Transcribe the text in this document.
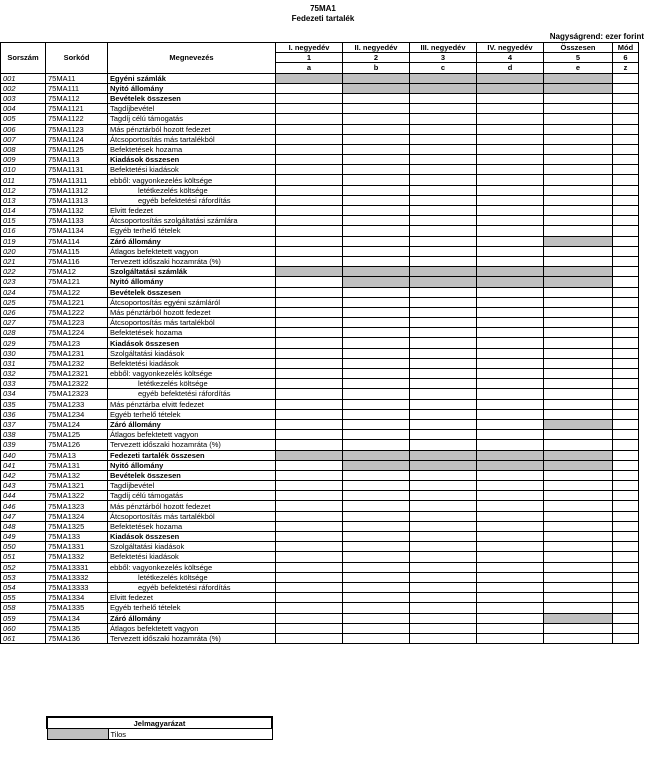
75MA1
Fedezeti tartalék
Nagyságrend: ezer forint
Sorszám	Sorkód	Megnevezés	I. negyedév	II. negyedév	III. negyedév	IV. negyedév	Összesen	Mód
			1	2	3	4	5	6
			a	b	c	d	e	z
001	75MA11	Egyéni számlák						
002	75MA111	Nyitó állomány						
003	75MA112	Bevételek összesen						
004	75MA1121	Tagdíjbevétel						
005	75MA1122	Tagdíj célú támogatás						
006	75MA1123	Más pénztárból hozott fedezet						
007	75MA1124	Átcsoportosítás más tartalékból						
008	75MA1125	Befektetések hozama						
009	75MA113	Kiadások összesen						
010	75MA1131	Befektetési kiadások						
011	75MA11311	ebből: vagyonkezelés költsége						
012	75MA11312	letétkezelés költsége						
013	75MA11313	egyéb befektetési ráfordítás						
014	75MA1132	Elvitt fedezet						
015	75MA1133	Átcsoportosítás szolgáltatási számlára						
016	75MA1134	Egyéb terhelő tételek						
019	75MA114	Záró állomány						
020	75MA115	Átlagos befektetett vagyon						
021	75MA116	Tervezett időszaki hozamráta (%)						
022	75MA12	Szolgáltatási számlák						
023	75MA121	Nyitó állomány						
024	75MA122	Bevételek összesen						
025	75MA1221	Átcsoportosítás egyéni számláról						
026	75MA1222	Más pénztárból hozott fedezet						
027	75MA1223	Átcsoportosítás más tartalékból						
028	75MA1224	Befektetések hozama						
029	75MA123	Kiadások összesen						
030	75MA1231	Szolgáltatási kiadások						
031	75MA1232	Befektetési kiadások						
032	75MA12321	ebből: vagyonkezelés költsége						
033	75MA12322	letétkezelés költsége						
034	75MA12323	egyéb befektetési ráfordítás						
035	75MA1233	Más pénztárba elvitt fedezet						
036	75MA1234	Egyéb terhelő tételek						
037	75MA124	Záró állomány						
038	75MA125	Átlagos befektetett vagyon						
039	75MA126	Tervezett időszaki hozamráta (%)						
040	75MA13	Fedezeti tartalék összesen						
041	75MA131	Nyitó állomány						
042	75MA132	Bevételek összesen						
043	75MA1321	Tagdíjbevétel						
044	75MA1322	Tagdíj célú támogatás						
046	75MA1323	Más pénztárból hozott fedezet						
047	75MA1324	Átcsoportosítás más tartalékból						
048	75MA1325	Befektetések hozama						
049	75MA133	Kiadások összesen						
050	75MA1331	Szolgáltatási kiadások						
051	75MA1332	Befektetési kiadások						
052	75MA13331	ebből: vagyonkezelés költsége						
053	75MA13332	letétkezelés költsége						
054	75MA13333	egyéb befektetési ráfordítás						
055	75MA1334	Elvitt fedezet						
058	75MA1335	Egyéb terhelő tételek						
059	75MA134	Záró állomány						
060	75MA135	Átlagos befektetett vagyon						
061	75MA136	Tervezett időszaki hozamráta (%)						
Jelmagyarázat
	Tilos
